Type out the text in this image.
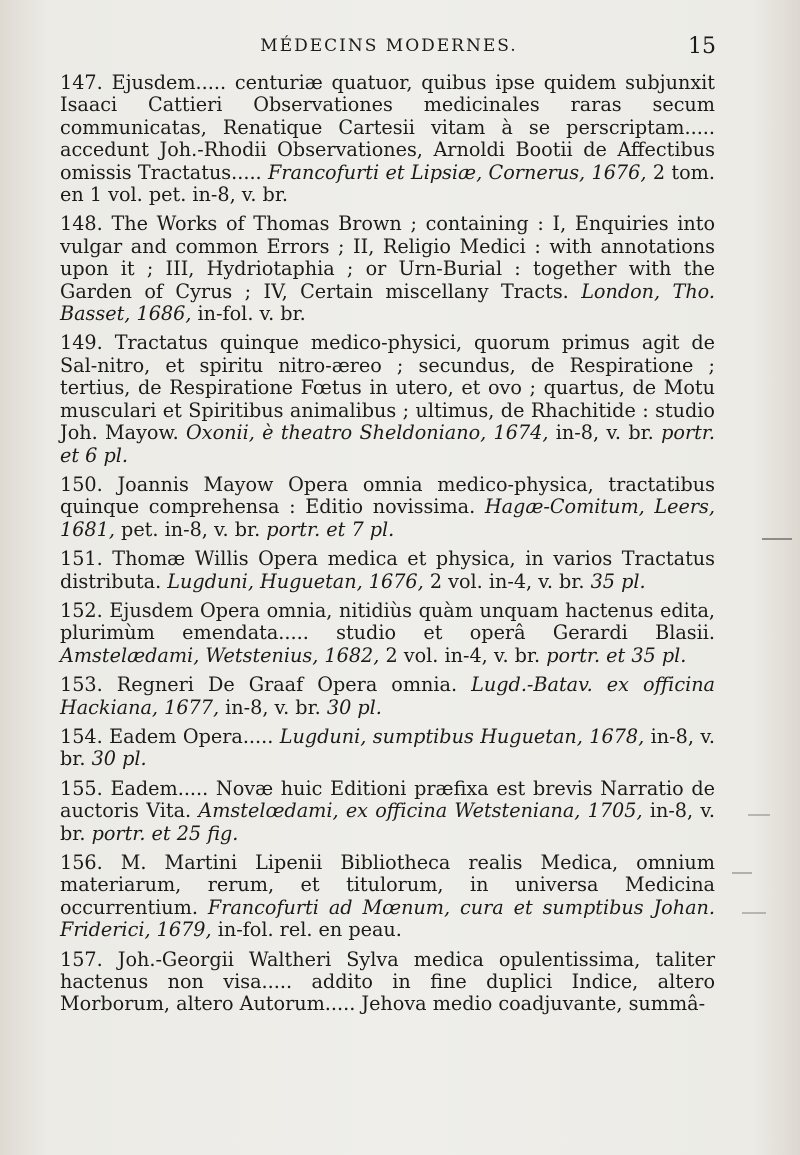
MÉDECINS MODERNES.	15

147. Ejusdem..... centuriæ quatuor, quibus ipse quidem subjunxit Isaaci Cattieri Observationes medicinales raras secum communicatas, Renatique Cartesii vitam à se perscriptam..... accedunt Joh.-Rhodii Observationes, Arnoldi Bootii de Affectibus omissis Tractatus..... Francofurti et Lipsiæ, Cornerus, 1676, 2 tom. en 1 vol. pet. in-8, v. br.

148. The Works of Thomas Brown ; containing : I, Enquiries into vulgar and common Errors ; II, Religio Medici : with annotations upon it ; III, Hydriotaphia ; or Urn-Burial : together with the Garden of Cyrus ; IV, Certain miscellany Tracts. London, Tho. Basset, 1686, in-fol. v. br.

149. Tractatus quinque medico-physici, quorum primus agit de Sal-nitro, et spiritu nitro-æreo ; secundus, de Respiratione ; tertius, de Respiratione Fœtus in utero, et ovo ; quartus, de Motu musculari et Spiritibus animalibus ; ultimus, de Rhachitide : studio Joh. Mayow. Oxonii, è theatro Sheldoniano, 1674, in-8, v. br. portr. et 6 pl.

150. Joannis Mayow Opera omnia medico-physica, tractatibus quinque comprehensa : Editio novissima. Hagæ-Comitum, Leers, 1681, pet. in-8, v. br. portr. et 7 pl.

151. Thomæ Willis Opera medica et physica, in varios Tractatus distributa. Lugduni, Huguetan, 1676, 2 vol. in-4, v. br. 35 pl.

152. Ejusdem Opera omnia, nitidiùs quàm unquam hactenus edita, plurimùm emendata..... studio et operâ Gerardi Blasii. Amstelædami, Wetstenius, 1682, 2 vol. in-4, v. br. portr. et 35 pl.

153. Regneri De Graaf Opera omnia. Lugd.-Batav. ex officina Hackiana, 1677, in-8, v. br. 30 pl.

154. Eadem Opera..... Lugduni, sumptibus Huguetan, 1678, in-8, v. br. 30 pl.

155. Eadem..... Novæ huic Editioni præfixa est brevis Narratio de auctoris Vita. Amstelœdami, ex officina Wetsteniana, 1705, in-8, v. br. portr. et 25 fig.

156. M. Martini Lipenii Bibliotheca realis Medica, omnium materiarum, rerum, et titulorum, in universa Medicina occurrentium. Francofurti ad Mœnum, cura et sumptibus Johan. Friderici, 1679, in-fol. rel. en peau.

157. Joh.-Georgii Waltheri Sylva medica opulentissima, taliter hactenus non visa..... addito in fine duplici Indice, altero Morborum, altero Autorum..... Jehova medio coadjuvante, summâ-
